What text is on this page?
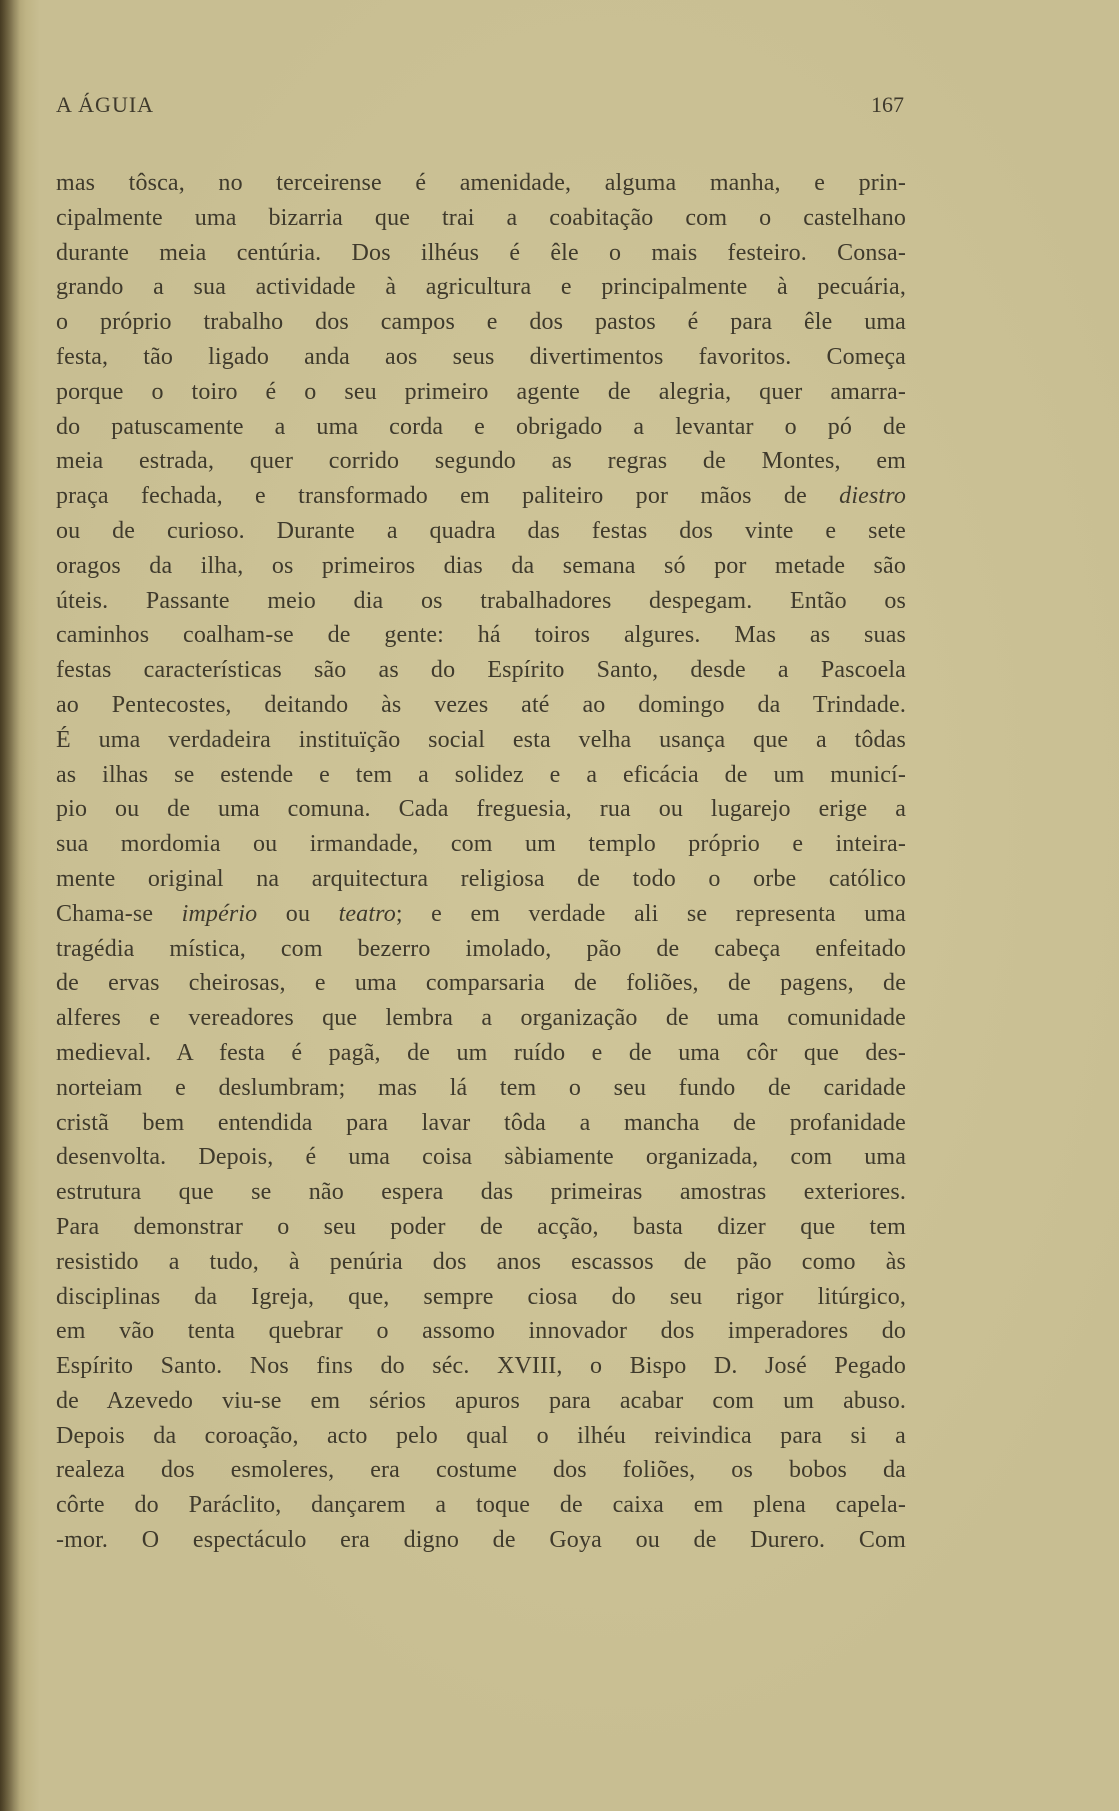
A ÁGUIA	167
mas tôsca, no terceirense é amenidade, alguma manha, e prin-
cipalmente uma bizarria que trai a coabitação com o castelhano
durante meia centúria. Dos ilhéus é êle o mais festeiro. Consa-
grando a sua actividade à agricultura e principalmente à pecuária,
o próprio trabalho dos campos e dos pastos é para êle uma
festa, tão ligado anda aos seus divertimentos favoritos. Começa
porque o toiro é o seu primeiro agente de alegria, quer amarra-
do patuscamente a uma corda e obrigado a levantar o pó de
meia estrada, quer corrido segundo as regras de Montes, em
praça fechada, e transformado em paliteiro por mãos de diestro
ou de curioso. Durante a quadra das festas dos vinte e sete
oragos da ilha, os primeiros dias da semana só por metade são
úteis. Passante meio dia os trabalhadores despegam. Então os
caminhos coalham-se de gente: há toiros algures. Mas as suas
festas características são as do Espírito Santo, desde a Pascoela
ao Pentecostes, deitando às vezes até ao domingo da Trindade.
É uma verdadeira instituïção social esta velha usança que a tôdas
as ilhas se estende e tem a solidez e a eficácia de um municí-
pio ou de uma comuna. Cada freguesia, rua ou lugarejo erige a
sua mordomia ou irmandade, com um templo próprio e inteira-
mente original na arquitectura religiosa de todo o orbe católico
Chama-se império ou teatro; e em verdade ali se representa uma
tragédia mística, com bezerro imolado, pão de cabeça enfeitado
de ervas cheirosas, e uma comparsaria de foliões, de pagens, de
alferes e vereadores que lembra a organização de uma comunidade
medieval. A festa é pagã, de um ruído e de uma côr que des-
norteiam e deslumbram; mas lá tem o seu fundo de caridade
cristã bem entendida para lavar tôda a mancha de profanidade
desenvolta. Depois, é uma coisa sàbiamente organizada, com uma
estrutura que se não espera das primeiras amostras exteriores.
Para demonstrar o seu poder de acção, basta dizer que tem
resistido a tudo, à penúria dos anos escassos de pão como às
disciplinas da Igreja, que, sempre ciosa do seu rigor litúrgico,
em vão tenta quebrar o assomo innovador dos imperadores do
Espírito Santo. Nos fins do séc. XVIII, o Bispo D. José Pegado
de Azevedo viu-se em sérios apuros para acabar com um abuso.
Depois da coroação, acto pelo qual o ilhéu reivindica para si a
realeza dos esmoleres, era costume dos foliões, os bobos da
côrte do Paráclito, dançarem a toque de caixa em plena capela-
-mor. O espectáculo era digno de Goya ou de Durero. Com
